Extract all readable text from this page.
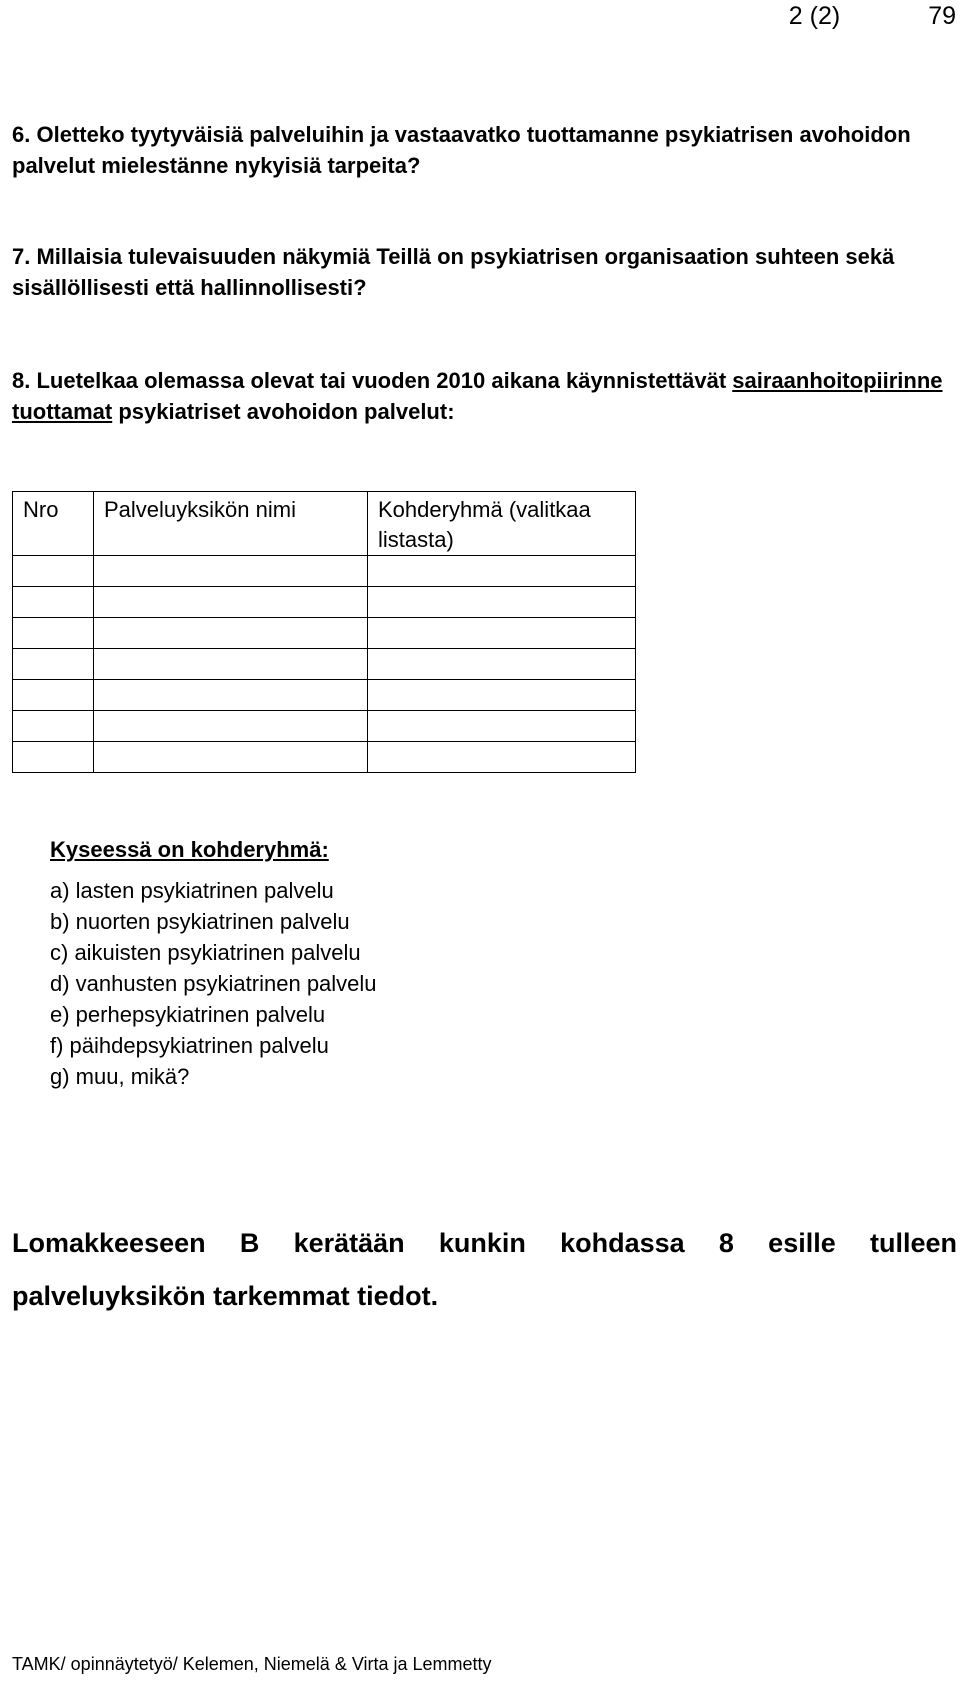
2 (2)	79
6. Oletteko tyytyväisiä palveluihin ja vastaavatko tuottamanne psykiatrisen avohoidon palvelut mielestänne nykyisiä tarpeita?
7. Millaisia tulevaisuuden näkymiä Teillä on psykiatrisen organisaation suhteen sekä sisällöllisesti että hallinnollisesti?
8. Luetelkaa olemassa olevat tai vuoden 2010 aikana käynnistettävät sairaanhoitopiirinne tuottamat psykiatriset avohoidon palvelut:
Nro	Palveluyksikön nimi	Kohderyhmä (valitkaa listasta)

Kyseessä on kohderyhmä:
a) lasten psykiatrinen palvelu
b) nuorten psykiatrinen palvelu
c) aikuisten psykiatrinen palvelu
d) vanhusten psykiatrinen palvelu
e) perhepsykiatrinen palvelu
f) päihdepsykiatrinen palvelu
g) muu, mikä?
Lomakkeeseen B kerätään kunkin kohdassa 8 esille tulleen palveluyksikön tarkemmat tiedot.
TAMK/ opinnäytetyö/ Kelemen, Niemelä & Virta ja Lemmetty
